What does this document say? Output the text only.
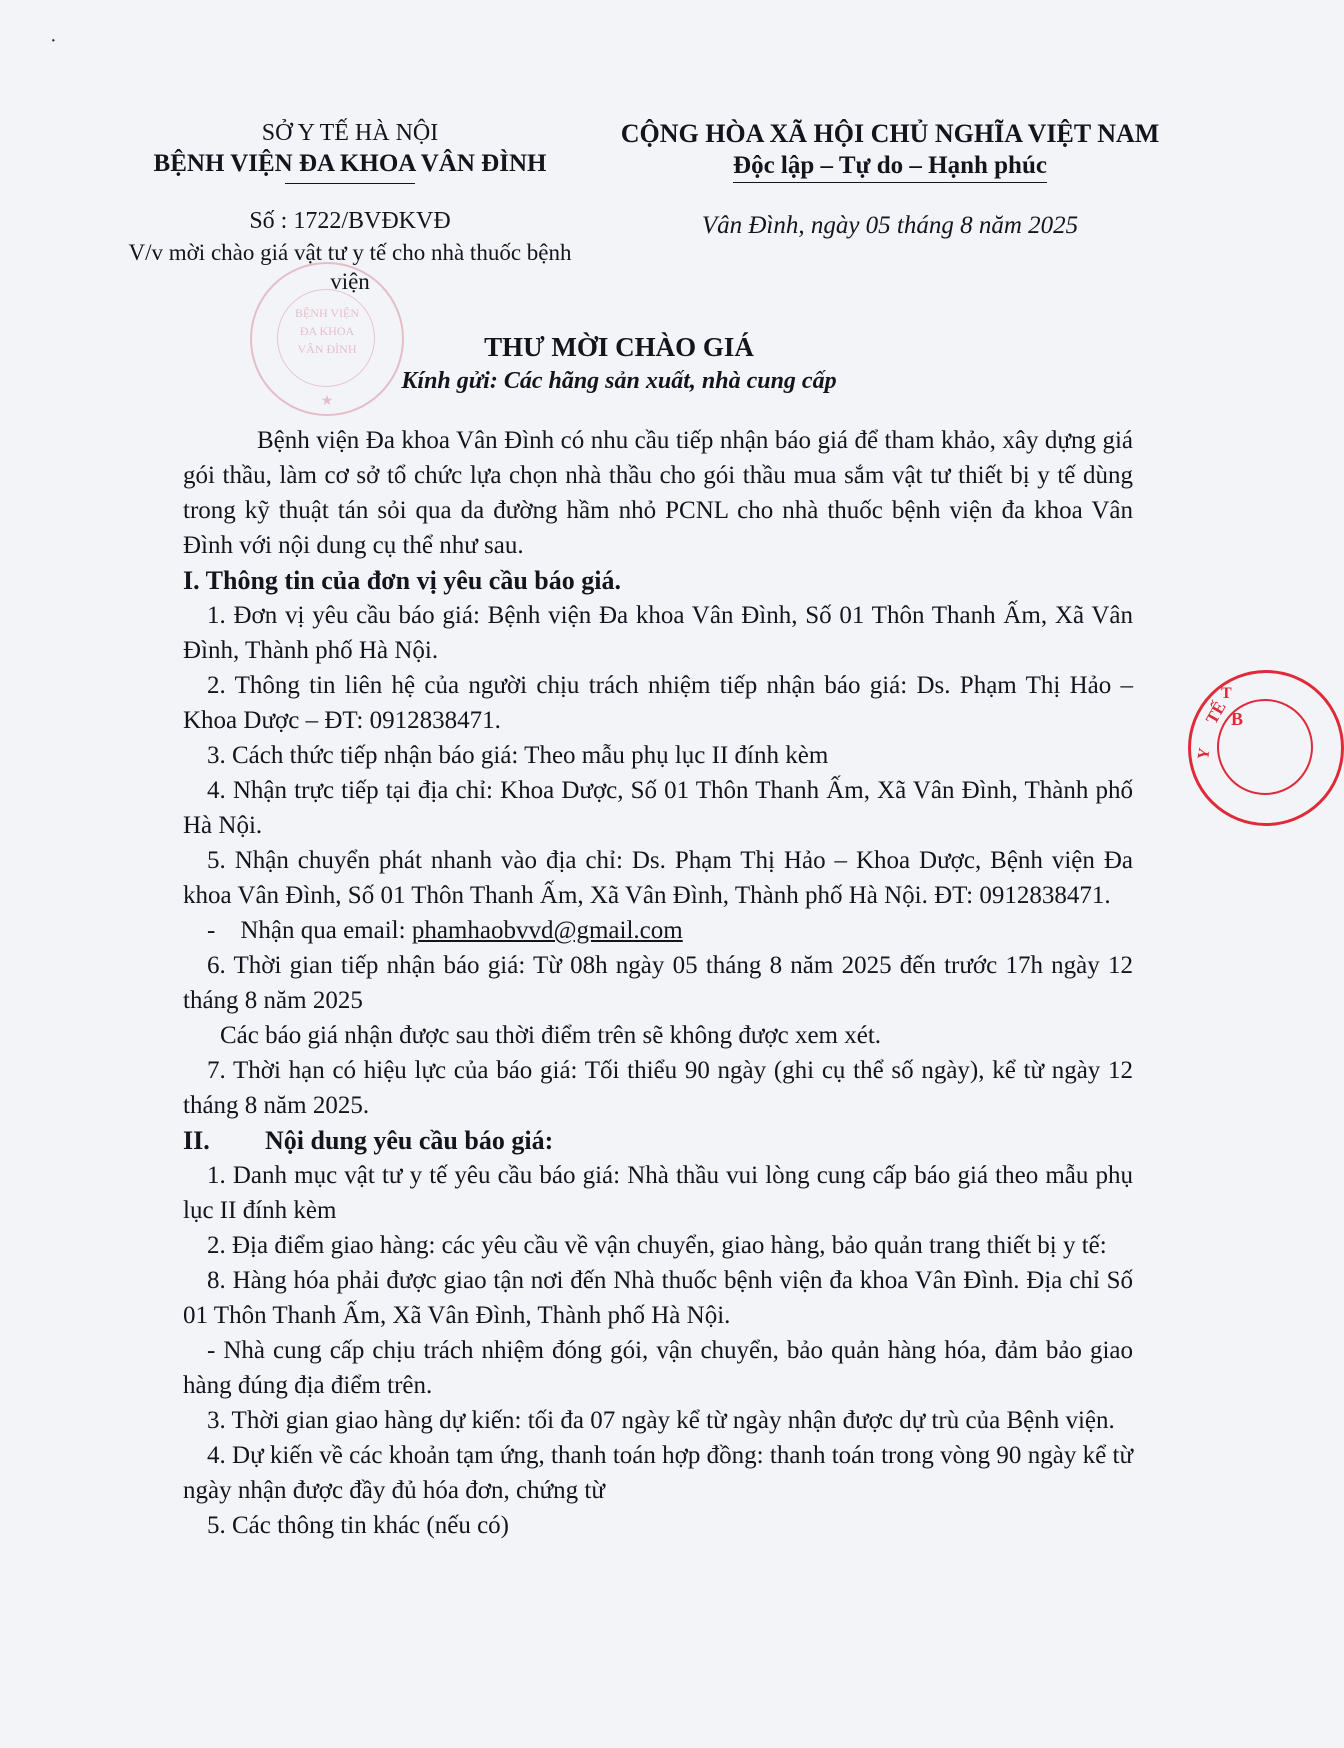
·
SỞ Y TẾ HÀ NỘI
BỆNH VIỆN ĐA KHOA VÂN ĐÌNH
Số : 1722/BVĐKVĐ
V/v mời chào giá vật tư y tế cho nhà thuốc bệnh viện
CỘNG HÒA XÃ HỘI CHỦ NGHĨA VIỆT NAM
Độc lập – Tự do – Hạnh phúc
Vân Đình, ngày 05 tháng 8 năm 2025
BỆNH VIỆN
ĐA KHOA
VÂN ĐÌNH
★
T
TẾ B
Y
THƯ MỜI CHÀO GIÁ
Kính gửi: Các hãng sản xuất, nhà cung cấp

Bệnh viện Đa khoa Vân Đình có nhu cầu tiếp nhận báo giá để tham khảo, xây dựng giá gói thầu, làm cơ sở tổ chức lựa chọn nhà thầu cho gói thầu mua sắm vật tư thiết bị y tế dùng trong kỹ thuật tán sỏi qua da đường hầm nhỏ PCNL cho nhà thuốc bệnh viện đa khoa Vân Đình với nội dung cụ thể như sau.

I. Thông tin của đơn vị yêu cầu báo giá.

1. Đơn vị yêu cầu báo giá: Bệnh viện Đa khoa Vân Đình, Số 01 Thôn Thanh Ấm, Xã Vân Đình, Thành phố Hà Nội.

2. Thông tin liên hệ của người chịu trách nhiệm tiếp nhận báo giá: Ds. Phạm Thị Hảo – Khoa Dược – ĐT: 0912838471.

3. Cách thức tiếp nhận báo giá: Theo mẫu phụ lục II đính kèm

4. Nhận trực tiếp tại địa chỉ: Khoa Dược, Số 01 Thôn Thanh Ấm, Xã Vân Đình, Thành phố Hà Nội.

5. Nhận chuyển phát nhanh vào địa chỉ: Ds. Phạm Thị Hảo – Khoa Dược, Bệnh viện Đa khoa Vân Đình, Số 01 Thôn Thanh Ấm, Xã Vân Đình, Thành phố Hà Nội. ĐT: 0912838471.

-    Nhận qua email: phamhaobvvd@gmail.com

6. Thời gian tiếp nhận báo giá: Từ 08h ngày 05 tháng 8 năm 2025 đến trước 17h ngày 12 tháng 8 năm 2025

Các báo giá nhận được sau thời điểm trên sẽ không được xem xét.

7. Thời hạn có hiệu lực của báo giá: Tối thiểu 90 ngày (ghi cụ thể số ngày), kể từ ngày 12 tháng 8 năm 2025.

II. Nội dung yêu cầu báo giá:

1. Danh mục vật tư y tế yêu cầu báo giá: Nhà thầu vui lòng cung cấp báo giá theo mẫu phụ lục II đính kèm

2. Địa điểm giao hàng: các yêu cầu về vận chuyển, giao hàng, bảo quản trang thiết bị y tế:

8. Hàng hóa phải được giao tận nơi đến Nhà thuốc bệnh viện đa khoa Vân Đình. Địa chỉ Số 01 Thôn Thanh Ấm, Xã Vân Đình, Thành phố Hà Nội.

- Nhà cung cấp chịu trách nhiệm đóng gói, vận chuyển, bảo quản hàng hóa, đảm bảo giao hàng đúng địa điểm trên.

3. Thời gian giao hàng dự kiến: tối đa 07 ngày kể từ ngày nhận được dự trù của Bệnh viện.

4. Dự kiến về các khoản tạm ứng, thanh toán hợp đồng: thanh toán trong vòng 90 ngày kể từ ngày nhận được đầy đủ hóa đơn, chứng từ

5. Các thông tin khác (nếu có)
